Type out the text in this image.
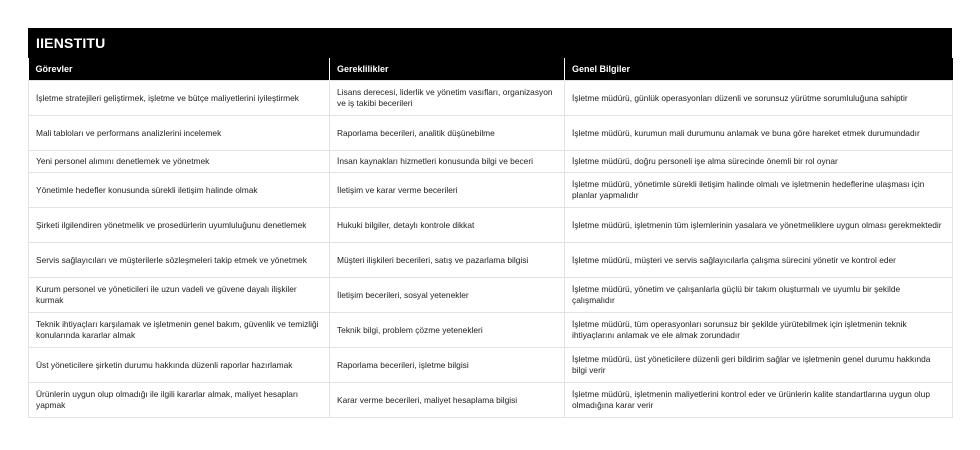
IIENSTITU
Görevler	Gereklilikler	Genel Bilgiler
İşletme stratejileri geliştirmek, işletme ve bütçe maliyetlerini iyileştirmek	Lisans derecesi, liderlik ve yönetim vasıfları, organizasyon ve iş takibi becerileri	İşletme müdürü, günlük operasyonları düzenli ve sorunsuz yürütme sorumluluğuna sahiptir
Mali tabloları ve performans analizlerini incelemek	Raporlama becerileri, analitik düşünebilme	İşletme müdürü, kurumun mali durumunu anlamak ve buna göre hareket etmek durumundadır
Yeni personel alımını denetlemek ve yönetmek	İnsan kaynakları hizmetleri konusunda bilgi ve beceri	İşletme müdürü, doğru personeli işe alma sürecinde önemli bir rol oynar
Yönetimle hedefler konusunda sürekli iletişim halinde olmak	İletişim ve karar verme becerileri	İşletme müdürü, yönetimle sürekli iletişim halinde olmalı ve işletmenin hedeflerine ulaşması için planlar yapmalıdır
Şirketi ilgilendiren yönetmelik ve prosedürlerin uyumluluğunu denetlemek	Hukuki bilgiler, detaylı kontrole dikkat	İşletme müdürü, işletmenin tüm işlemlerinin yasalara ve yönetmeliklere uygun olması gerekmektedir
Servis sağlayıcıları ve müşterilerle sözleşmeleri takip etmek ve yönetmek	Müşteri ilişkileri becerileri, satış ve pazarlama bilgisi	İşletme müdürü, müşteri ve servis sağlayıcılarla çalışma sürecini yönetir ve kontrol eder
Kurum personel ve yöneticileri ile uzun vadeli ve güvene dayalı ilişkiler kurmak	İletişim becerileri, sosyal yetenekler	İşletme müdürü, yönetim ve çalışanlarla güçlü bir takım oluşturmalı ve uyumlu bir şekilde çalışmalıdır
Teknik ihtiyaçları karşılamak ve işletmenin genel bakım, güvenlik ve temizliği konularında kararlar almak	Teknik bilgi, problem çözme yetenekleri	İşletme müdürü, tüm operasyonları sorunsuz bir şekilde yürütebilmek için işletmenin teknik ihtiyaçlarını anlamak ve ele almak zorundadır
Üst yöneticilere şirketin durumu hakkında düzenli raporlar hazırlamak	Raporlama becerileri, işletme bilgisi	İşletme müdürü, üst yöneticilere düzenli geri bildirim sağlar ve işletmenin genel durumu hakkında bilgi verir
Ürünlerin uygun olup olmadığı ile ilgili kararlar almak, maliyet hesapları yapmak	Karar verme becerileri, maliyet hesaplama bilgisi	İşletme müdürü, işletmenin maliyetlerini kontrol eder ve ürünlerin kalite standartlarına uygun olup olmadığına karar verir
